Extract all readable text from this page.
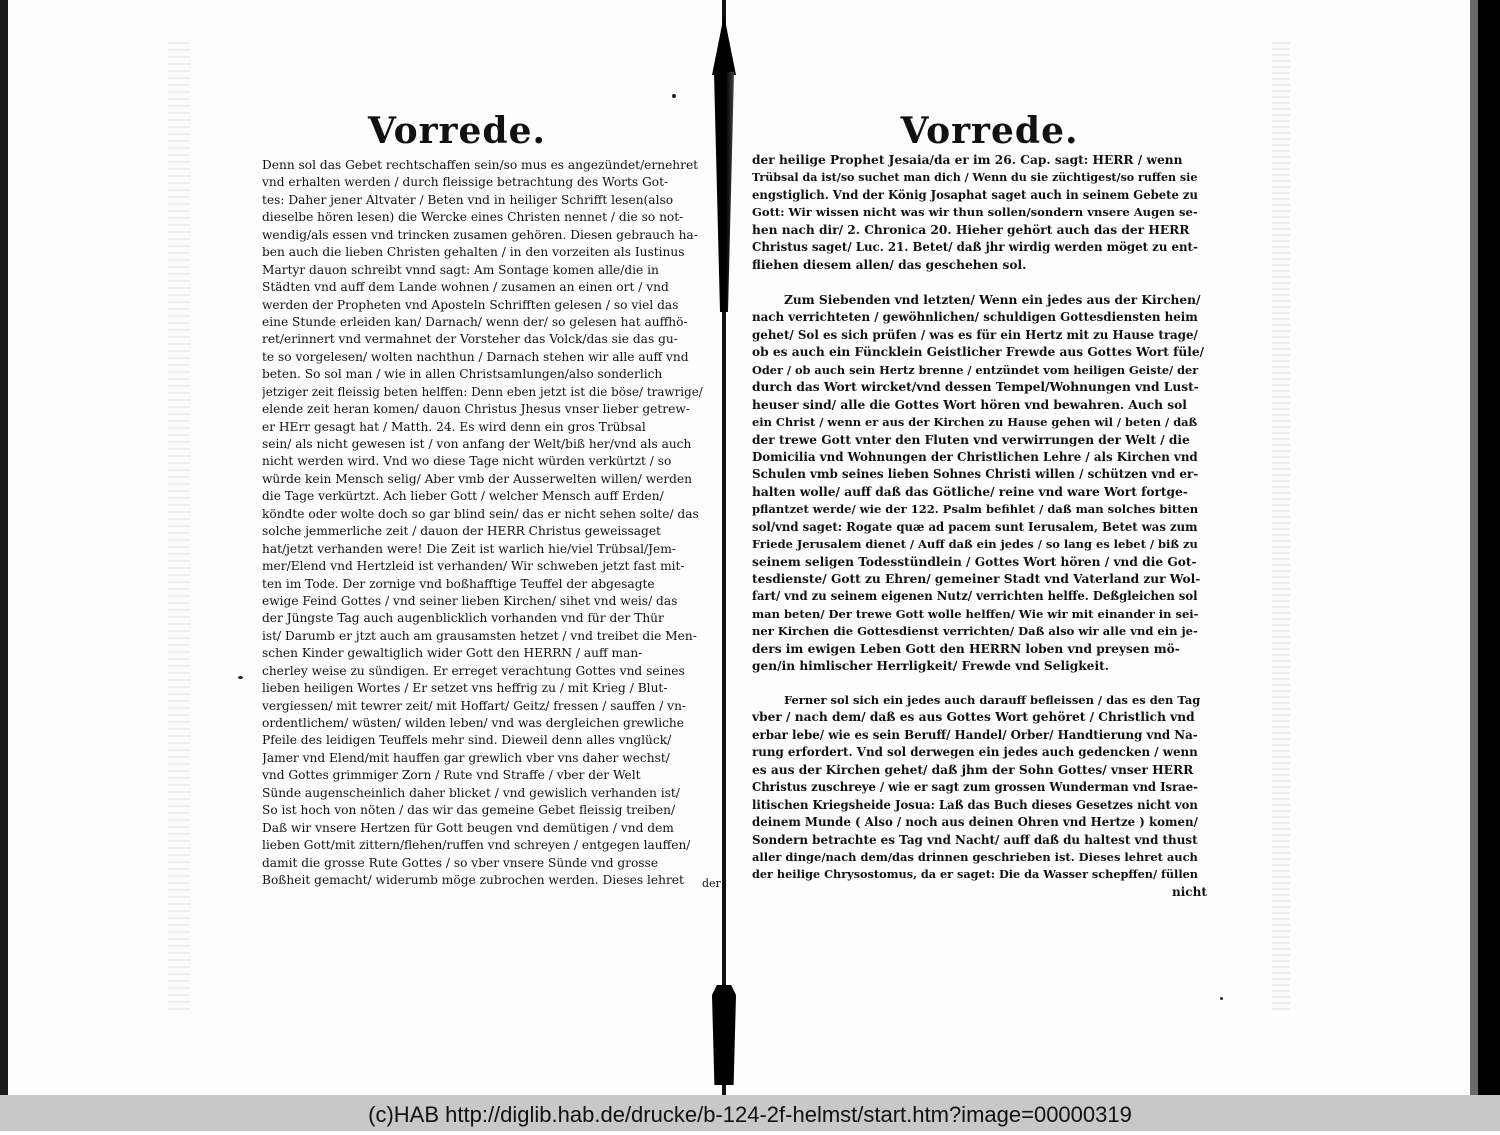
Vorrede.
Denn sol das Gebet rechtschaffen sein/so mus es angezündet/ernehret
vnd erhalten werden / durch fleissige betrachtung des Worts Got-
tes: Daher jener Altvater / Beten vnd in heiliger Schrifft lesen(also
dieselbe hören lesen) die Wercke eines Christen nennet / die so not-
wendig/als essen vnd trincken zusamen gehören. Diesen gebrauch ha-
ben auch die lieben Christen gehalten / in den vorzeiten als Iustinus
Martyr dauon schreibt vnnd sagt: Am Sontage komen alle/die in
Städten vnd auff dem Lande wohnen / zusamen an einen ort / vnd
werden der Propheten vnd Aposteln Schrifften gelesen / so viel das
eine Stunde erleiden kan/ Darnach/ wenn der/ so gelesen hat auffhö-
ret/erinnert vnd vermahnet der Vorsteher das Volck/das sie das gu-
te so vorgelesen/ wolten nachthun / Darnach stehen wir alle auff vnd
beten. So sol man / wie in allen Christsamlungen/also sonderlich
jetziger zeit fleissig beten helffen: Denn eben jetzt ist die böse/ trawrige/
elende zeit heran komen/ dauon Christus Jhesus vnser lieber getrew-
er HErr gesagt hat / Matth. 24. Es wird denn ein gros Trübsal
sein/ als nicht gewesen ist / von anfang der Welt/biß her/vnd als auch
nicht werden wird. Vnd wo diese Tage nicht würden verkürtzt / so
würde kein Mensch selig/ Aber vmb der Ausserwelten willen/ werden
die Tage verkürtzt. Ach lieber Gott / welcher Mensch auff Erden/
köndte oder wolte doch so gar blind sein/ das er nicht sehen solte/ das
solche jemmerliche zeit / dauon der HERR Christus geweissaget
hat/jetzt verhanden were! Die Zeit ist warlich hie/viel Trübsal/Jem-
mer/Elend vnd Hertzleid ist verhanden/ Wir schweben jetzt fast mit-
ten im Tode. Der zornige vnd boßhafftige Teuffel der abgesagte
ewige Feind Gottes / vnd seiner lieben Kirchen/ sihet vnd weis/ das
der Jüngste Tag auch augenblicklich vorhanden vnd für der Thür
ist/ Darumb er jtzt auch am grausamsten hetzet / vnd treibet die Men-
schen Kinder gewaltiglich wider Gott den HERRN / auff man-
cherley weise zu sündigen. Er erreget verachtung Gottes vnd seines
lieben heiligen Wortes / Er setzet vns heffrig zu / mit Krieg / Blut-
vergiessen/ mit tewrer zeit/ mit Hoffart/ Geitz/ fressen / sauffen / vn-
ordentlichem/ wüsten/ wilden leben/ vnd was dergleichen grewliche
Pfeile des leidigen Teuffels mehr sind. Dieweil denn alles vnglück/
Jamer vnd Elend/mit hauffen gar grewlich vber vns daher wechst/
vnd Gottes grimmiger Zorn / Rute vnd Straffe / vber der Welt
Sünde augenscheinlich daher blicket / vnd gewislich verhanden ist/
So ist hoch von nöten / das wir das gemeine Gebet fleissig treiben/
Daß wir vnsere Hertzen für Gott beugen vnd demütigen / vnd dem
lieben Gott/mit zittern/flehen/ruffen vnd schreyen / entgegen lauffen/
damit die grosse Rute Gottes / so vber vnsere Sünde vnd grosse
Boßheit gemacht/ widerumb möge zubrochen werden. Dieses lehret	der
Vorrede.
der heilige Prophet Jesaia/da er im 26. Cap. sagt: HERR / wenn
Trübsal da ist/so suchet man dich / Wenn du sie züchtigest/so ruffen sie
engstiglich. Vnd der König Josaphat saget auch in seinem Gebete zu
Gott: Wir wissen nicht was wir thun sollen/sondern vnsere Augen se-
hen nach dir/ 2. Chronica 20. Hieher gehört auch das der HERR
Christus saget/ Luc. 21. Betet/ daß jhr wirdig werden möget zu ent-
fliehen diesem allen/ das geschehen sol.
Zum Siebenden vnd letzten/ Wenn ein jedes aus der Kirchen/
nach verrichteten / gewöhnlichen/ schuldigen Gottesdiensten heim
gehet/ Sol es sich prüfen / was es für ein Hertz mit zu Hause trage/
ob es auch ein Füncklein Geistlicher Frewde aus Gottes Wort füle/
Oder / ob auch sein Hertz brenne / entzündet vom heiligen Geiste/ der
durch das Wort wircket/vnd dessen Tempel/Wohnungen vnd Lust-
heuser sind/ alle die Gottes Wort hören vnd bewahren. Auch sol
ein Christ / wenn er aus der Kirchen zu Hause gehen wil / beten / daß
der trewe Gott vnter den Fluten vnd verwirrungen der Welt / die
Domicilia vnd Wohnungen der Christlichen Lehre / als Kirchen vnd
Schulen vmb seines lieben Sohnes Christi willen / schützen vnd er-
halten wolle/ auff daß das Götliche/ reine vnd ware Wort fortge-
pflantzet werde/ wie der 122. Psalm befihlet / daß man solches bitten
sol/vnd saget: Rogate quæ ad pacem sunt Ierusalem, Betet was zum
Friede Jerusalem dienet / Auff daß ein jedes / so lang es lebet / biß zu
seinem seligen Todesstündlein / Gottes Wort hören / vnd die Got-
tesdienste/ Gott zu Ehren/ gemeiner Stadt vnd Vaterland zur Wol-
fart/ vnd zu seinem eigenen Nutz/ verrichten helffe. Deßgleichen sol
man beten/ Der trewe Gott wolle helffen/ Wie wir mit einander in sei-
ner Kirchen die Gottesdienst verrichten/ Daß also wir alle vnd ein je-
ders im ewigen Leben Gott den HERRN loben vnd preysen mö-
gen/in himlischer Herrligkeit/ Frewde vnd Seligkeit.
Ferner sol sich ein jedes auch darauff befleissen / das es den Tag
vber / nach dem/ daß es aus Gottes Wort gehöret / Christlich vnd
erbar lebe/ wie es sein Beruff/ Handel/ Orber/ Handtierung vnd Na-
rung erfordert. Vnd sol derwegen ein jedes auch gedencken / wenn
es aus der Kirchen gehet/ daß jhm der Sohn Gottes/ vnser HERR
Christus zuschreye / wie er sagt zum grossen Wunderman vnd Israe-
litischen Kriegsheide Josua: Laß das Buch dieses Gesetzes nicht von
deinem Munde ( Also / noch aus deinen Ohren vnd Hertze ) komen/
Sondern betrachte es Tag vnd Nacht/ auff daß du haltest vnd thust
aller dinge/nach dem/das drinnen geschrieben ist. Dieses lehret auch
der heilige Chrysostomus, da er saget: Die da Wasser schepffen/ füllen
nicht
(c)HAB http://diglib.hab.de/drucke/b-124-2f-helmst/start.htm?image=00000319
